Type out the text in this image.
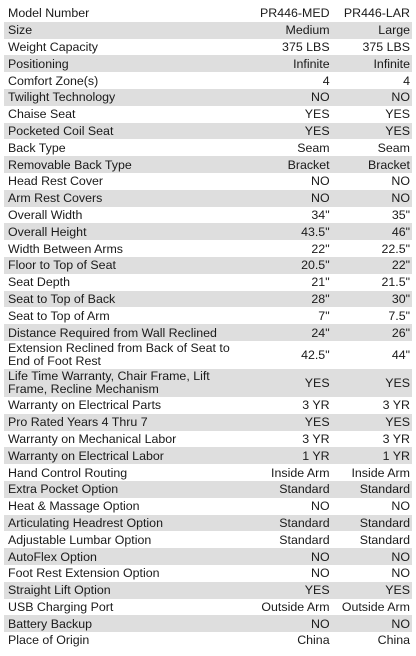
Model Number	PR446-MED	PR446-LAR
Size	Medium	Large
Weight Capacity	375 LBS	375 LBS
Positioning	Infinite	Infinite
Comfort Zone(s)	4	4
Twilight Technology	NO	NO
Chaise Seat	YES	YES
Pocketed Coil Seat	YES	YES
Back Type	Seam	Seam
Removable Back Type	Bracket	Bracket
Head Rest Cover	NO	NO
Arm Rest Covers	NO	NO
Overall Width	34"	35"
Overall Height	43.5"	46"
Width Between Arms	22"	22.5"
Floor to Top of Seat	20.5"	22"
Seat Depth	21"	21.5"
Seat to Top of Back	28"	30"
Seat to Top of Arm	7"	7.5"
Distance Required from Wall Reclined	24"	26"
Extension Reclined from Back of Seat to End of Foot Rest	42.5"	44"
Life Time Warranty, Chair Frame, Lift Frame, Recline Mechanism	YES	YES
Warranty on Electrical Parts	3 YR	3 YR
Pro Rated Years 4 Thru 7	YES	YES
Warranty on Mechanical Labor	3 YR	3 YR
Warranty on Electrical Labor	1 YR	1 YR
Hand Control Routing	Inside Arm	Inside Arm
Extra Pocket Option	Standard	Standard
Heat & Massage Option	NO	NO
Articulating Headrest Option	Standard	Standard
Adjustable Lumbar Option	Standard	Standard
AutoFlex Option	NO	NO
Foot Rest Extension Option	NO	NO
Straight Lift Option	YES	YES
USB Charging Port	Outside Arm	Outside Arm
Battery Backup	NO	NO
Place of Origin	China	China
